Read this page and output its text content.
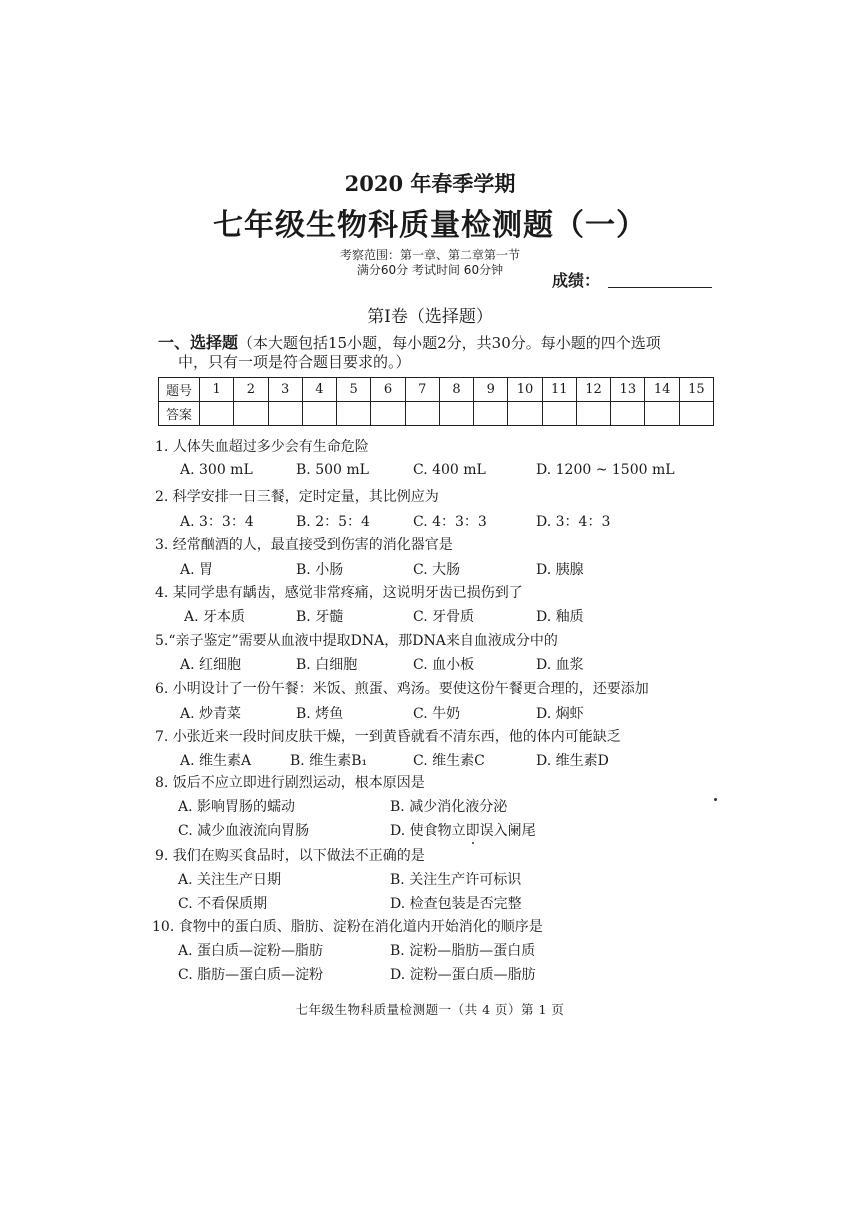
2020 年春季学期
七年级生物科质量检测题（一）
考察范围：第一章、第二章第一节
满分60分 考试时间 60分钟
成绩：
第Ⅰ卷（选择题）
一、选择题（本大题包括15小题，每小题2分，共30分。每小题的四个选项
中，只有一项是符合题目要求的。）
题号	1	2	3	4	5	6	7	8	9	10	11	12	13	14	15
答案															
1. 人体失血超过多少会有生命危险
A. 300 mL	B. 500 mL	C. 400 mL	D. 1200 ~ 1500 mL
2. 科学安排一日三餐，定时定量，其比例应为
A. 3：3：4	B. 2：5：4	C. 4：3：3	D. 3：4：3
3. 经常酗酒的人，最直接受到伤害的消化器官是
A. 胃	B. 小肠	C. 大肠	D. 胰腺
4. 某同学患有龋齿，感觉非常疼痛，这说明牙齿已损伤到了
A. 牙本质	B. 牙髓	C. 牙骨质	D. 釉质
5.“亲子鉴定”需要从血液中提取DNA，那DNA来自血液成分中的
A. 红细胞	B. 白细胞	C. 血小板	D. 血浆
6. 小明设计了一份午餐：米饭、煎蛋、鸡汤。要使这份午餐更合理的，还要添加
A. 炒青菜	B. 烤鱼	C. 牛奶	D. 焖虾
7. 小张近来一段时间皮肤干燥，一到黄昏就看不清东西，他的体内可能缺乏
A. 维生素A	B. 维生素B₁	C. 维生素C	D. 维生素D
8. 饭后不应立即进行剧烈运动，根本原因是
A. 影响胃肠的蠕动	B. 减少消化液分泌
C. 减少血液流向胃肠	D. 使食物立即误入阑尾
9. 我们在购买食品时，以下做法不正确的是
A. 关注生产日期	B. 关注生产许可标识
C. 不看保质期	D. 检查包装是否完整
10. 食物中的蛋白质、脂肪、淀粉在消化道内开始消化的顺序是
A. 蛋白质—淀粉—脂肪	B. 淀粉—脂肪—蛋白质
C. 脂肪—蛋白质—淀粉	D. 淀粉—蛋白质—脂肪
七年级生物科质量检测题一（共 4 页）第 1 页
